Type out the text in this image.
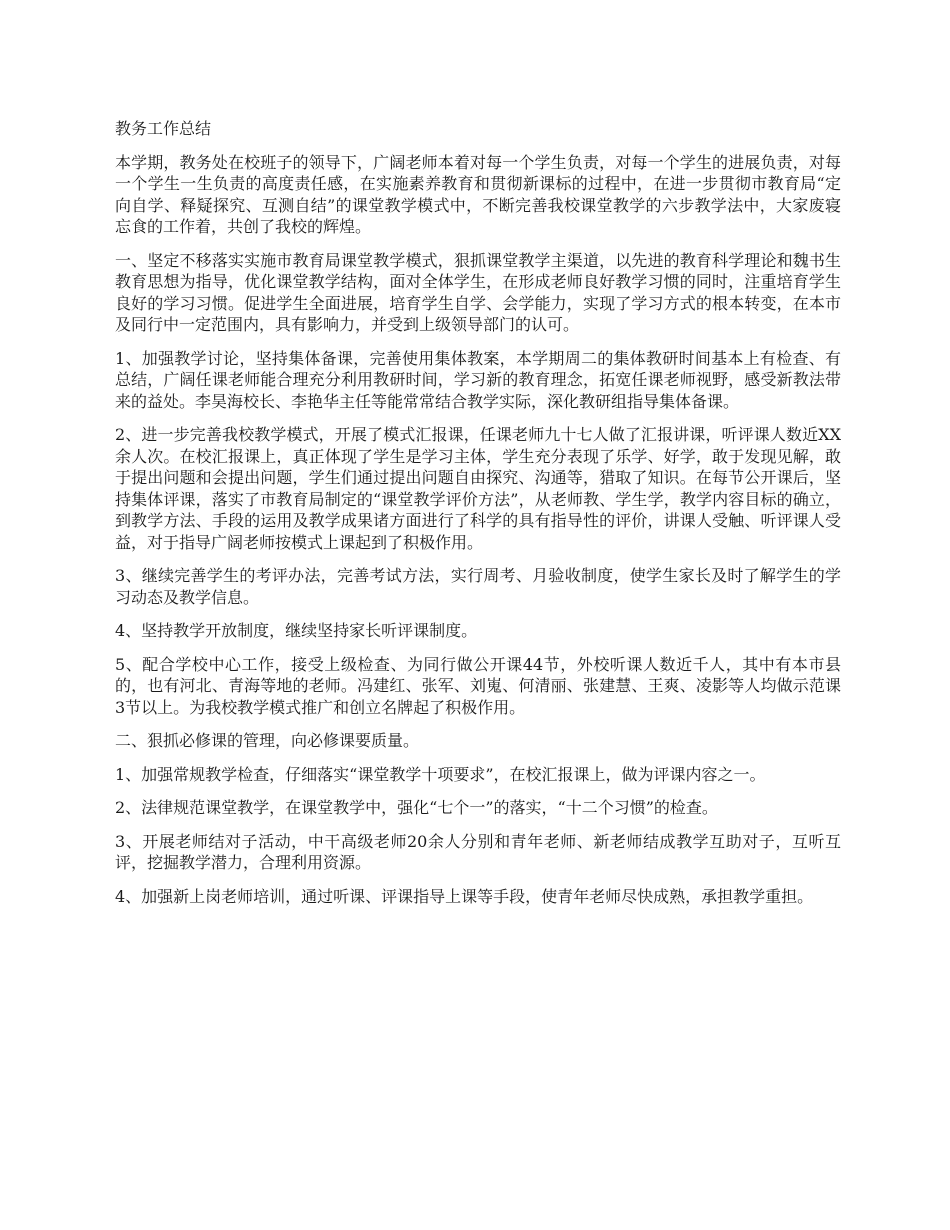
教务工作总结

本学期，教务处在校班子的领导下，广阔老师本着对每一个学生负责，对每一个学生的进展负责，对每一个学生一生负责的高度责任感，在实施素养教育和贯彻新课标的过程中，在进一步贯彻市教育局“定向自学、释疑探究、互测自结”的课堂教学模式中，不断完善我校课堂教学的六步教学法中，大家废寝忘食的工作着，共创了我校的辉煌。

一、坚定不移落实实施市教育局课堂教学模式，狠抓课堂教学主渠道，以先进的教育科学理论和魏书生教育思想为指导，优化课堂教学结构，面对全体学生，在形成老师良好教学习惯的同时，注重培育学生良好的学习习惯。促进学生全面进展，培育学生自学、会学能力，实现了学习方式的根本转变，在本市及同行中一定范围内，具有影响力，并受到上级领导部门的认可。

1、加强教学讨论，坚持集体备课，完善使用集体教案，本学期周二的集体教研时间基本上有检查、有总结，广阔任课老师能合理充分利用教研时间，学习新的教育理念，拓宽任课老师视野，感受新教法带来的益处。李昊海校长、李艳华主任等能常常结合教学实际，深化教研组指导集体备课。

2、进一步完善我校教学模式，开展了模式汇报课，任课老师九十七人做了汇报讲课，听评课人数近XX余人次。在校汇报课上，真正体现了学生是学习主体，学生充分表现了乐学、好学，敢于发现见解，敢于提出问题和会提出问题，学生们通过提出问题自由探究、沟通等，猎取了知识。在每节公开课后，坚持集体评课，落实了市教育局制定的“课堂教学评价方法”，从老师教、学生学，教学内容目标的确立，到教学方法、手段的运用及教学成果诸方面进行了科学的具有指导性的评价，讲课人受触、听评课人受益，对于指导广阔老师按模式上课起到了积极作用。

3、继续完善学生的考评办法，完善考试方法，实行周考、月验收制度，使学生家长及时了解学生的学习动态及教学信息。

4、坚持教学开放制度，继续坚持家长听评课制度。

5、配合学校中心工作，接受上级检查、为同行做公开课44节，外校听课人数近千人，其中有本市县的，也有河北、青海等地的老师。冯建红、张军、刘嵬、何清丽、张建慧、王爽、凌影等人均做示范课3节以上。为我校教学模式推广和创立名牌起了积极作用。

二、狠抓必修课的管理，向必修课要质量。

1、加强常规教学检查，仔细落实“课堂教学十项要求”，在校汇报课上，做为评课内容之一。

2、法律规范课堂教学，在课堂教学中，强化“七个一”的落实，“十二个习惯”的检查。

3、开展老师结对子活动，中干高级老师20余人分别和青年老师、新老师结成教学互助对子，互听互评，挖掘教学潜力，合理利用资源。

4、加强新上岗老师培训，通过听课、评课指导上课等手段，使青年老师尽快成熟，承担教学重担。
